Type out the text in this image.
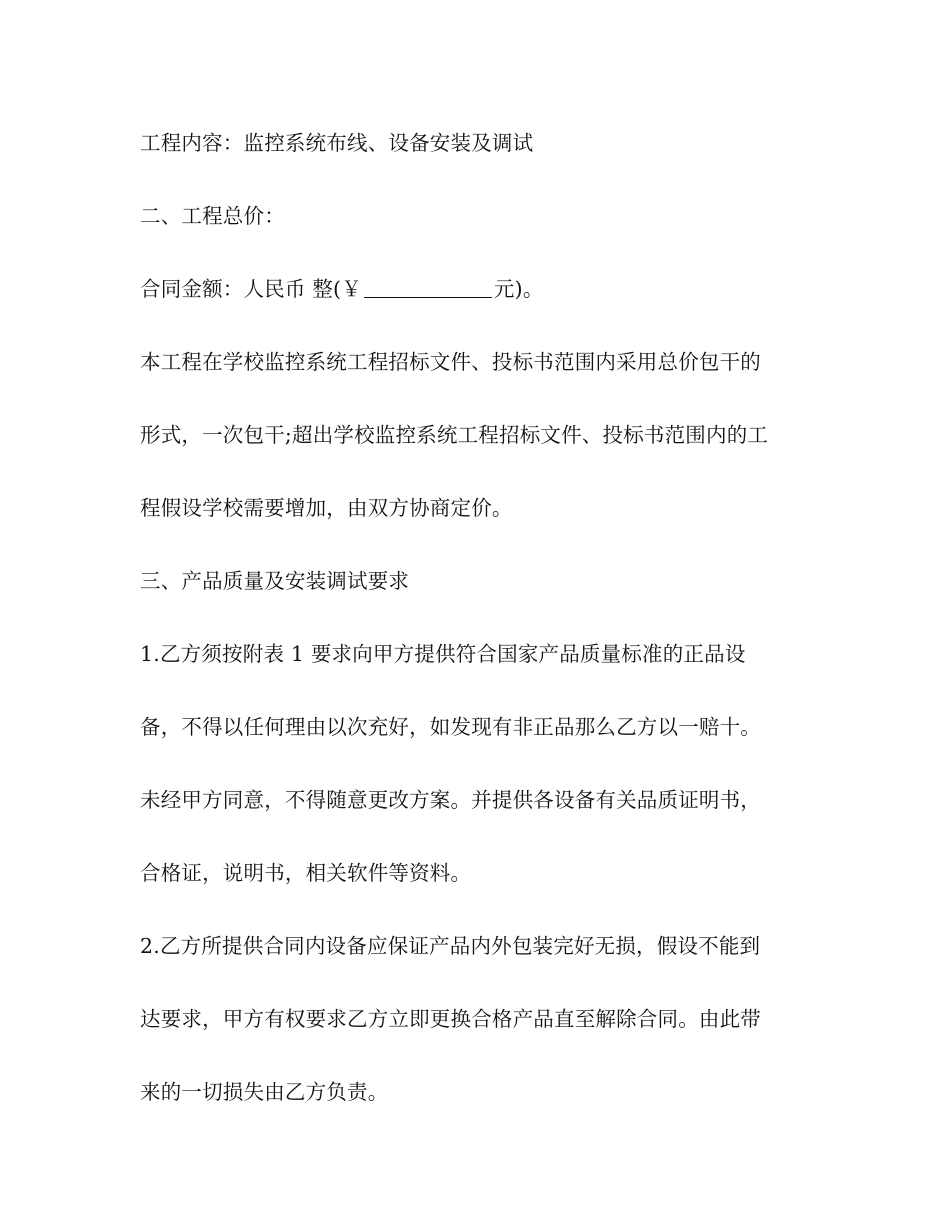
工程内容：监控系统布线、设备安装及调试
二、工程总价：
合同金额：人民币 整(￥	元)。
本工程在学校监控系统工程招标文件、投标书范围内采用总价包干的
形式，一次包干;超出学校监控系统工程招标文件、投标书范围内的工
程假设学校需要增加，由双方协商定价。
三、产品质量及安装调试要求
1.乙方须按附表 1 要求向甲方提供符合国家产品质量标准的正品设
备，不得以任何理由以次充好，如发现有非正品那么乙方以一赔十。
未经甲方同意，不得随意更改方案。并提供各设备有关品质证明书，
合格证，说明书，相关软件等资料。
2.乙方所提供合同内设备应保证产品内外包装完好无损，假设不能到
达要求，甲方有权要求乙方立即更换合格产品直至解除合同。由此带
来的一切损失由乙方负责。
